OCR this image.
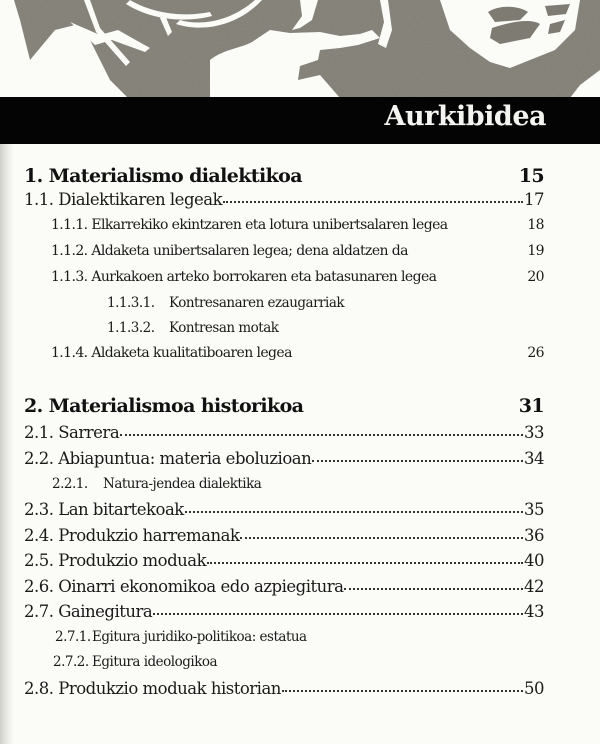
Aurkibidea
1. Materialismo dialektikoa	15
1.1. Dialektikaren legeak	17
1.1.1. Elkarrekiko ekintzaren eta lotura unibertsalaren legea	18
1.1.2. Aldaketa unibertsalaren legea; dena aldatzen da	19
1.1.3. Aurkakoen arteko borrokaren eta batasunaren legea	20
1.1.3.1. Kontresanaren ezaugarriak
1.1.3.2. Kontresan motak
1.1.4. Aldaketa kualitatiboaren legea	26
2. Materialismoa historikoa	31
2.1. Sarrera	33
2.2. Abiapuntua: materia eboluzioan	34
2.2.1. Natura-jendea dialektika
2.3. Lan bitartekoak	35
2.4. Produkzio harremanak	36
2.5. Produkzio moduak	40
2.6. Oinarri ekonomikoa edo azpiegitura	42
2.7. Gainegitura	43
2.7.1.Egitura juridiko-politikoa: estatua
2.7.2. Egitura ideologikoa
2.8. Produkzio moduak historian	50
